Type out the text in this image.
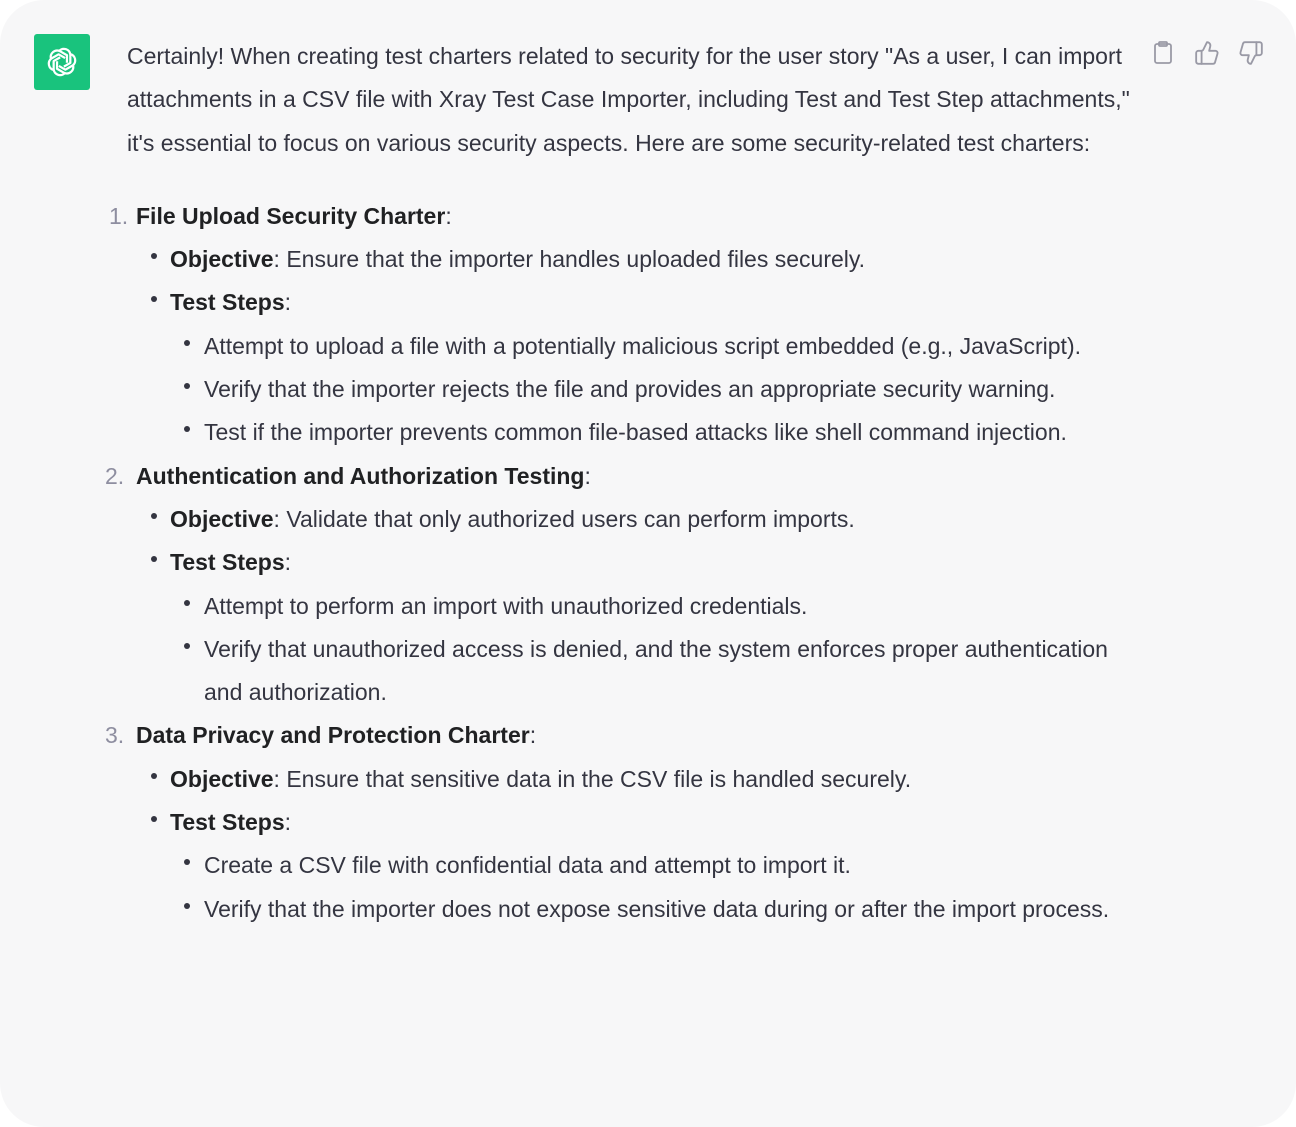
Certainly! When creating test charters related to security for the user story "As a user, I can import attachments in a CSV file with Xray Test Case Importer, including Test and Test Step attachments," it's essential to focus on various security aspects. Here are some security-related test charters:

1. File Upload Security Charter:
Objective: Ensure that the importer handles uploaded files securely.
Test Steps:
Attempt to upload a file with a potentially malicious script embedded (e.g., JavaScript).
Verify that the importer rejects the file and provides an appropriate security warning.
Test if the importer prevents common file-based attacks like shell command injection.
2. Authentication and Authorization Testing:
Objective: Validate that only authorized users can perform imports.
Test Steps:
Attempt to perform an import with unauthorized credentials.
Verify that unauthorized access is denied, and the system enforces proper authentication and authorization.
3. Data Privacy and Protection Charter:
Objective: Ensure that sensitive data in the CSV file is handled securely.
Test Steps:
Create a CSV file with confidential data and attempt to import it.
Verify that the importer does not expose sensitive data during or after the import process.
